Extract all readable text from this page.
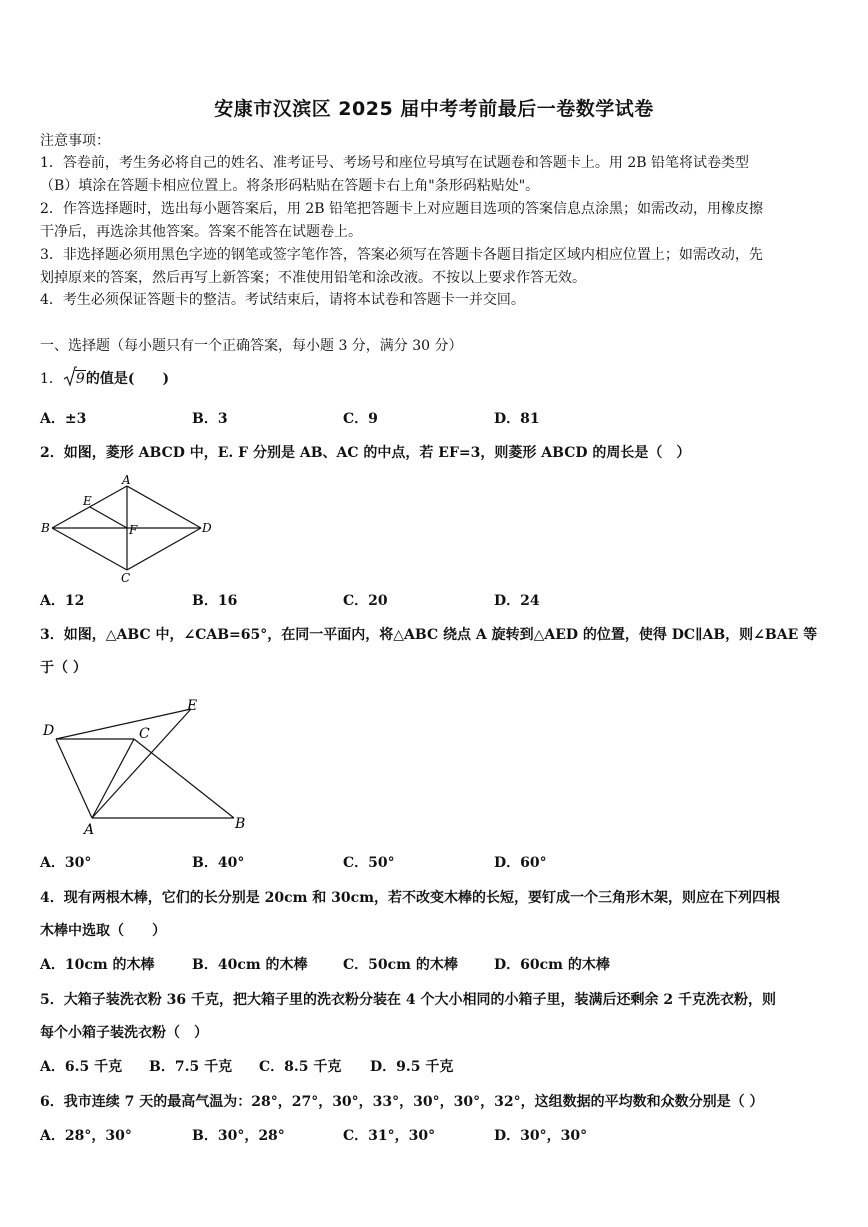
安康市汉滨区 2025 届中考考前最后一卷数学试卷
注意事项：
1．答卷前，考生务必将自己的姓名、准考证号、考场号和座位号填写在试题卷和答题卡上。用 2B 铅笔将试卷类型
（B）填涂在答题卡相应位置上。将条形码粘贴在答题卡右上角"条形码粘贴处"。
2．作答选择题时，选出每小题答案后，用 2B 铅笔把答题卡上对应题目选项的答案信息点涂黑；如需改动，用橡皮擦
干净后，再选涂其他答案。答案不能答在试题卷上。
3．非选择题必须用黑色字迹的钢笔或签字笔作答，答案必须写在答题卡各题目指定区域内相应位置上；如需改动，先
划掉原来的答案，然后再写上新答案；不准使用铅笔和涂改液。不按以上要求作答无效。
4．考生必须保证答题卡的整洁。考试结束后，请将本试卷和答题卡一并交回。
一、选择题（每小题只有一个正确答案，每小题 3 分，满分 30 分）
1． 9的值是(　　)
A．±3	B．3	C．9	D．81
2．如图，菱形 ABCD 中，E. F 分别是 AB、AC 的中点，若 EF=3，则菱形 ABCD 的周长是（　）
A
B
C
D
E
F
A．12	B．16	C．20	D．24
3．如图，△ABC 中，∠CAB=65°，在同一平面内，将△ABC 绕点 A 旋转到△AED 的位置，使得 DC∥AB，则∠BAE 等
于（ ）
D	C
E
A	B
A．30°	B．40°	C．50°	D．60°
4．现有两根木棒，它们的长分别是 20cm 和 30cm，若不改变木棒的长短，要钉成一个三角形木架，则应在下列四根
木棒中选取（　　）
A．10cm 的木棒	B．40cm 的木棒	C．50cm 的木棒	D．60cm 的木棒
5．大箱子装洗衣粉 36 千克，把大箱子里的洗衣粉分装在 4 个大小相同的小箱子里，装满后还剩余 2 千克洗衣粉，则
每个小箱子装洗衣粉（　）
A．6.5 千克 B．7.5 千克 C．8.5 千克 D．9.5 千克
6．我市连续 7 天的最高气温为：28°，27°，30°，33°，30°，30°，32°，这组数据的平均数和众数分别是（ ）
A．28°，30°	B．30°，28°	C．31°，30°	D．30°，30°
